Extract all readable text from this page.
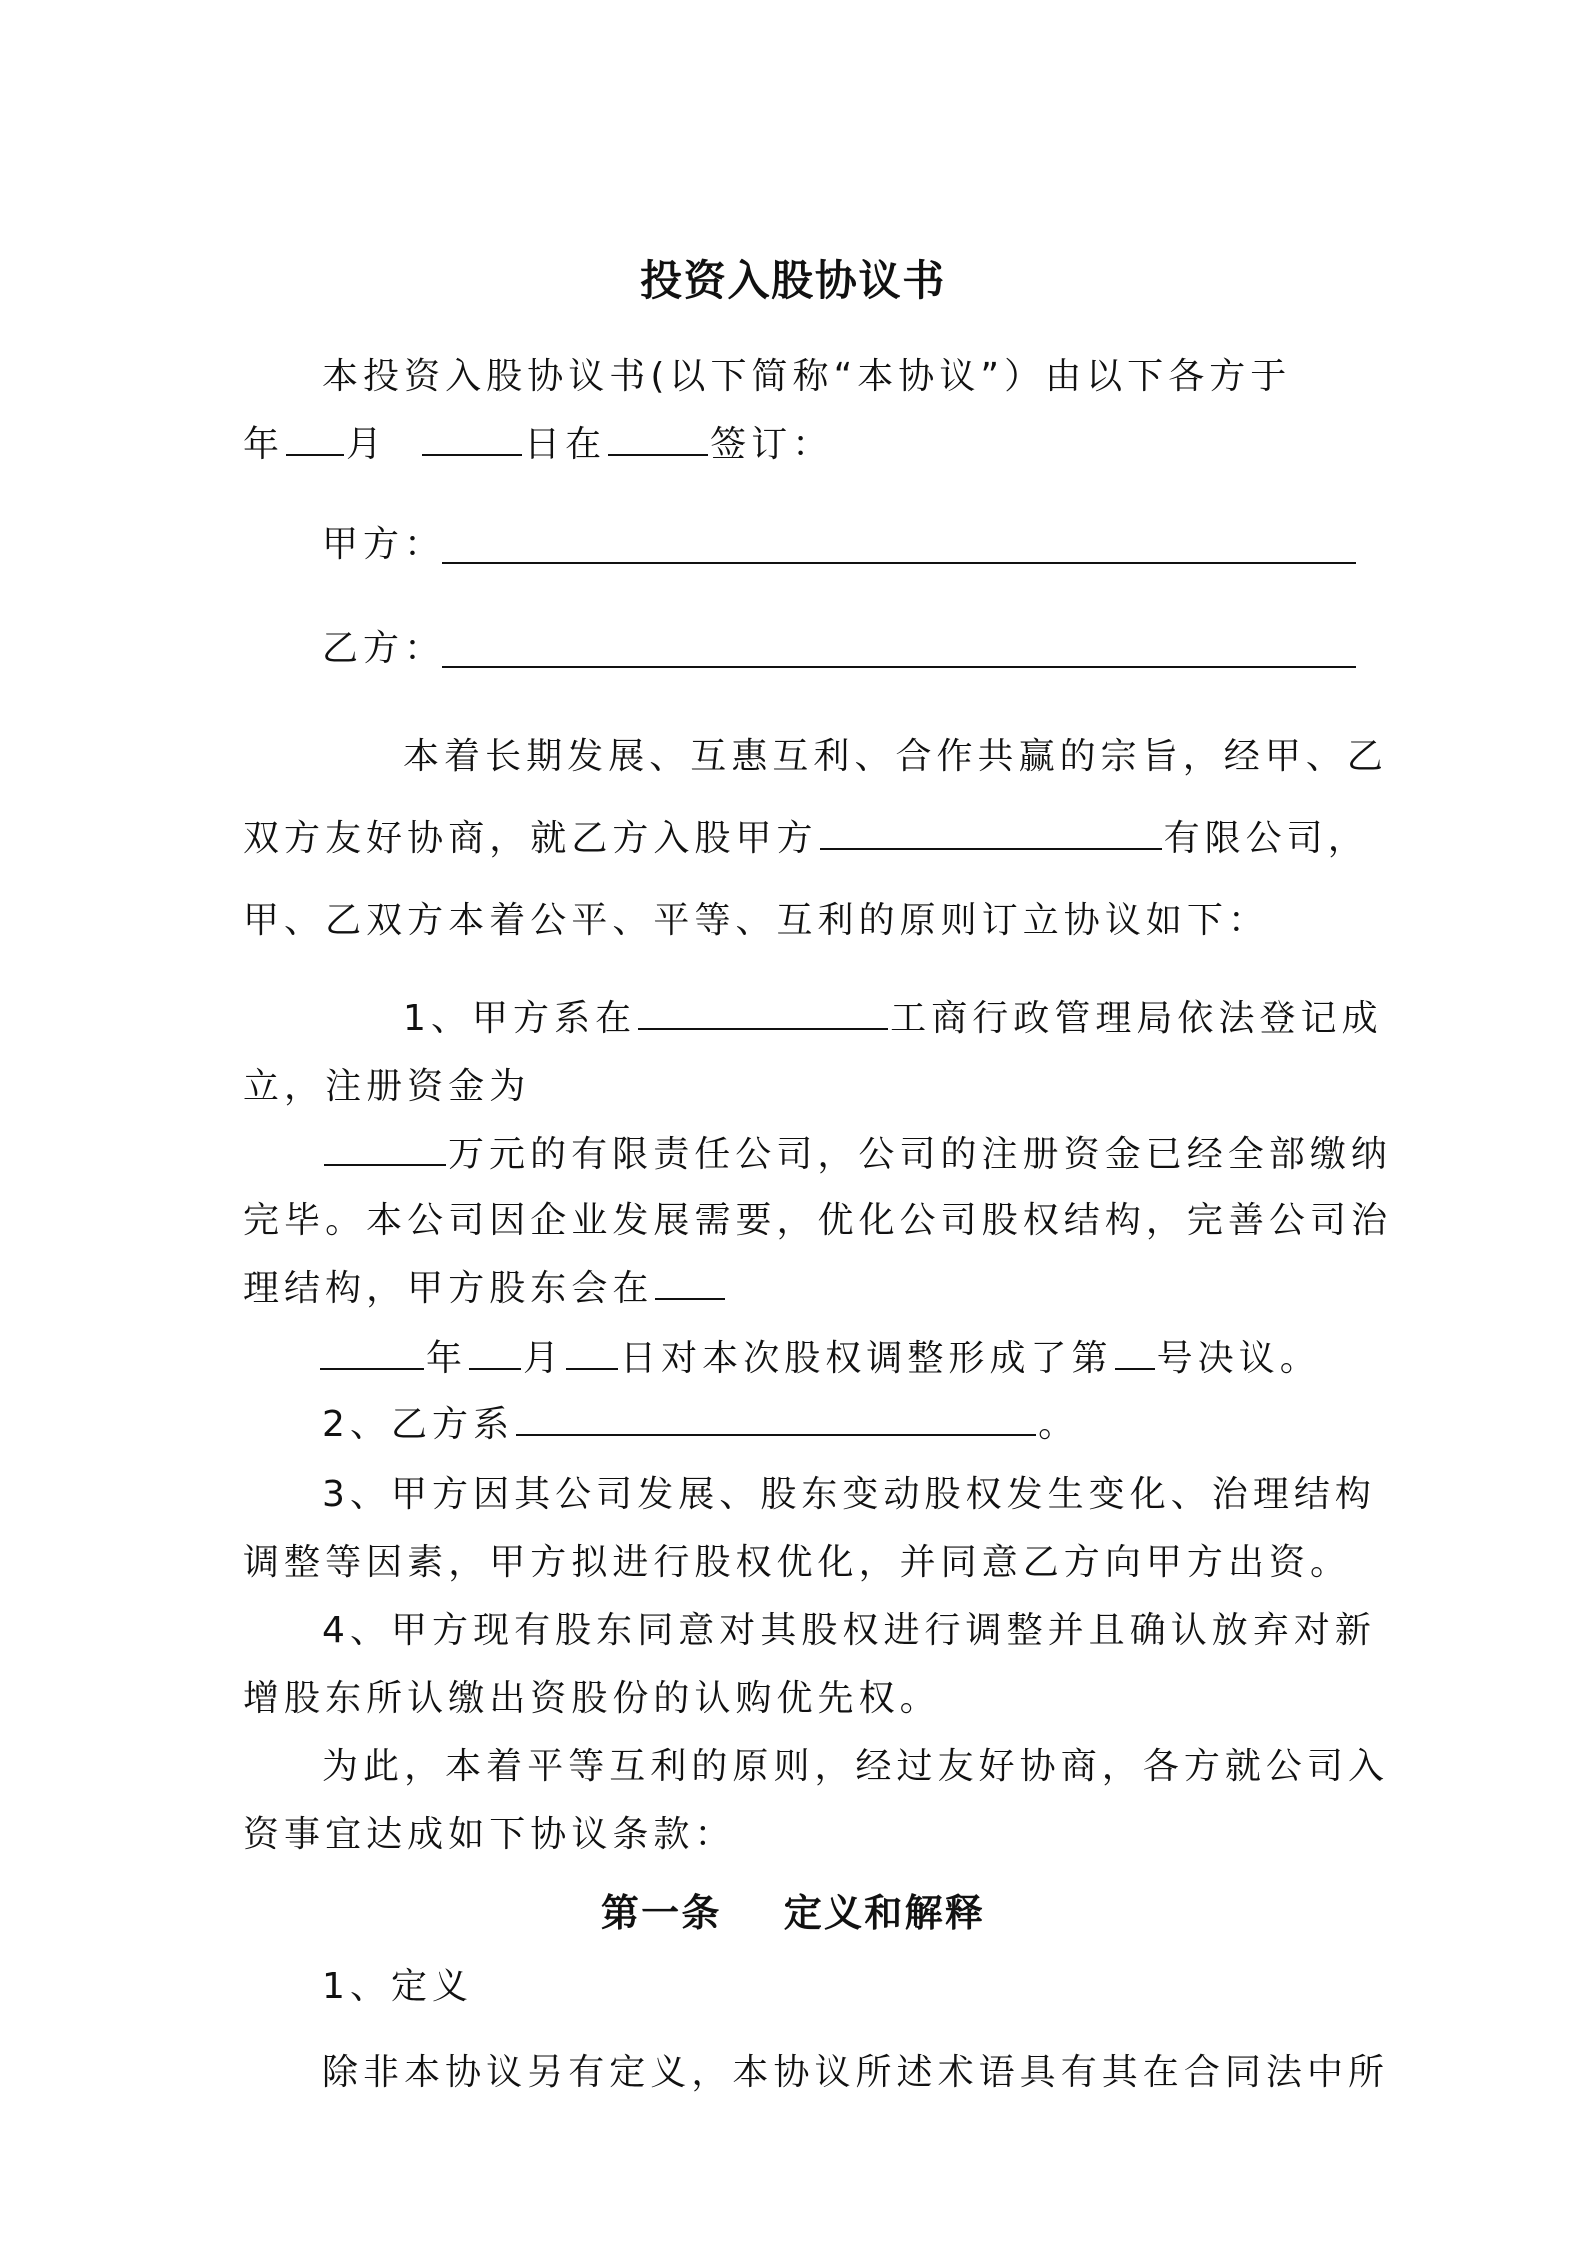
投资入股协议书
本投资入股协议书(以下简称“本协议”）由以下各方于
年 月	日在	签订：
甲方：
乙方：
本着长期发展、互惠互利、合作共赢的宗旨，经甲、乙
双方友好协商，就乙方入股甲方	有限公司，
甲、乙双方本着公平、平等、互利的原则订立协议如下：
1、甲方系在	工商行政管理局依法登记成
立，注册资金为
万元的有限责任公司，公司的注册资金已经全部缴纳
完毕。本公司因企业发展需要，优化公司股权结构，完善公司治
理结构，甲方股东会在
年 月 日对本次股权调整形成了第 号决议。
2、乙方系	。
3、甲方因其公司发展、股东变动股权发生变化、治理结构
调整等因素，甲方拟进行股权优化，并同意乙方向甲方出资。
4、甲方现有股东同意对其股权进行调整并且确认放弃对新
增股东所认缴出资股份的认购优先权。
为此，本着平等互利的原则，经过友好协商，各方就公司入
资事宜达成如下协议条款：
第一条    定义和解释
1、定义
除非本协议另有定义，本协议所述术语具有其在合同法中所
